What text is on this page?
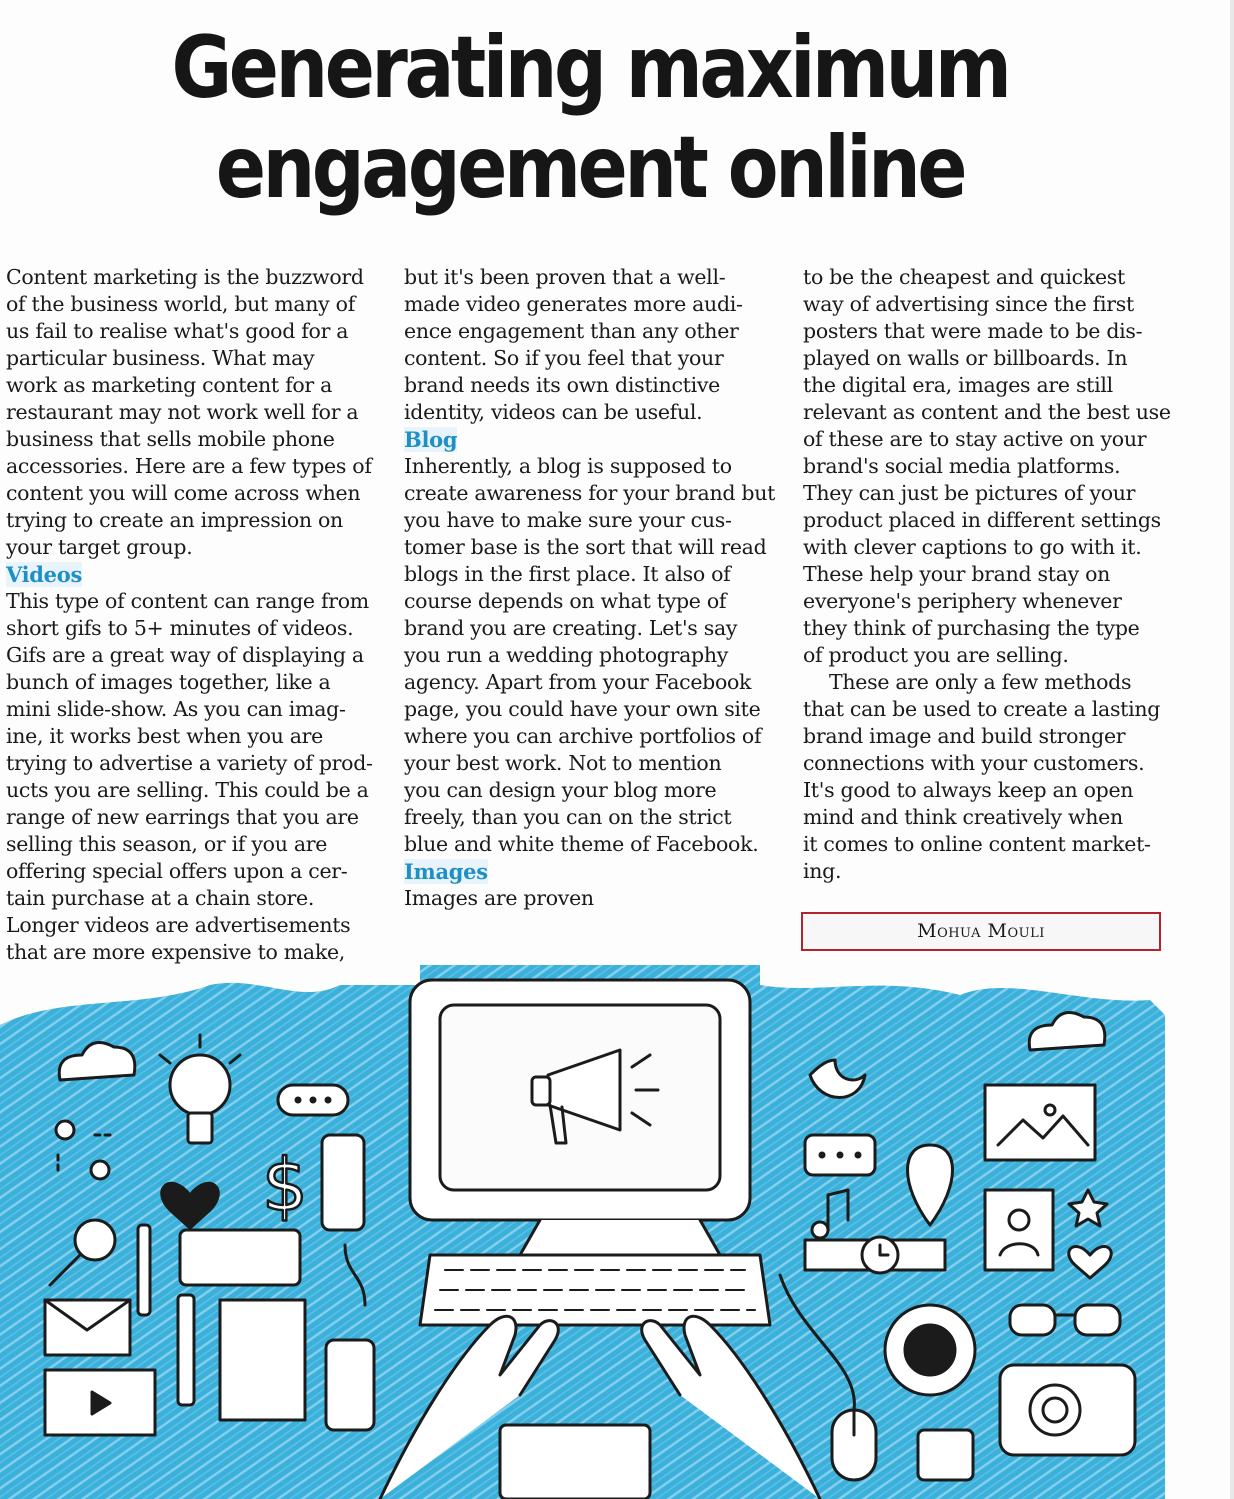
Generating maximum
engagement online

Content marketing is the buzzword
of the business world, but many of
us fail to realise what's good for a
particular business. What may
work as marketing content for a
restaurant may not work well for a
business that sells mobile phone
accessories. Here are a few types of
content you will come across when
trying to create an impression on
your target group.

Videos

This type of content can range from
short gifs to 5+ minutes of videos.
Gifs are a great way of displaying a
bunch of images together, like a
mini slide-show. As you can imag-
ine, it works best when you are
trying to advertise a variety of prod-
ucts you are selling. This could be a
range of new earrings that you are
selling this season, or if you are
offering special offers upon a cer-
tain purchase at a chain store.
Longer videos are advertisements
that are more expensive to make,

but it's been proven that a well-
made video generates more audi-
ence engagement than any other
content. So if you feel that your
brand needs its own distinctive
identity, videos can be useful.

Blog

Inherently, a blog is supposed to
create awareness for your brand but
you have to make sure your cus-
tomer base is the sort that will read
blogs in the first place. It also of
course depends on what type of
brand you are creating. Let's say
you run a wedding photography
agency. Apart from your Facebook
page, you could have your own site
where you can archive portfolios of
your best work. Not to mention
you can design your blog more
freely, than you can on the strict
blue and white theme of Facebook.

Images

Images are proven

to be the cheapest and quickest
way of advertising since the first
posters that were made to be dis-
played on walls or billboards. In
the digital era, images are still
relevant as content and the best use
of these are to stay active on your
brand's social media platforms.
They can just be pictures of your
product placed in different settings
with clever captions to go with it.
These help your brand stay on
everyone's periphery whenever
they think of purchasing the type
of product you are selling.

These are only a few methods
that can be used to create a lasting
brand image and build stronger
connections with your customers.
It's good to always keep an open
mind and think creatively when
it comes to online content market-
ing.

Mohua Mouli
$
